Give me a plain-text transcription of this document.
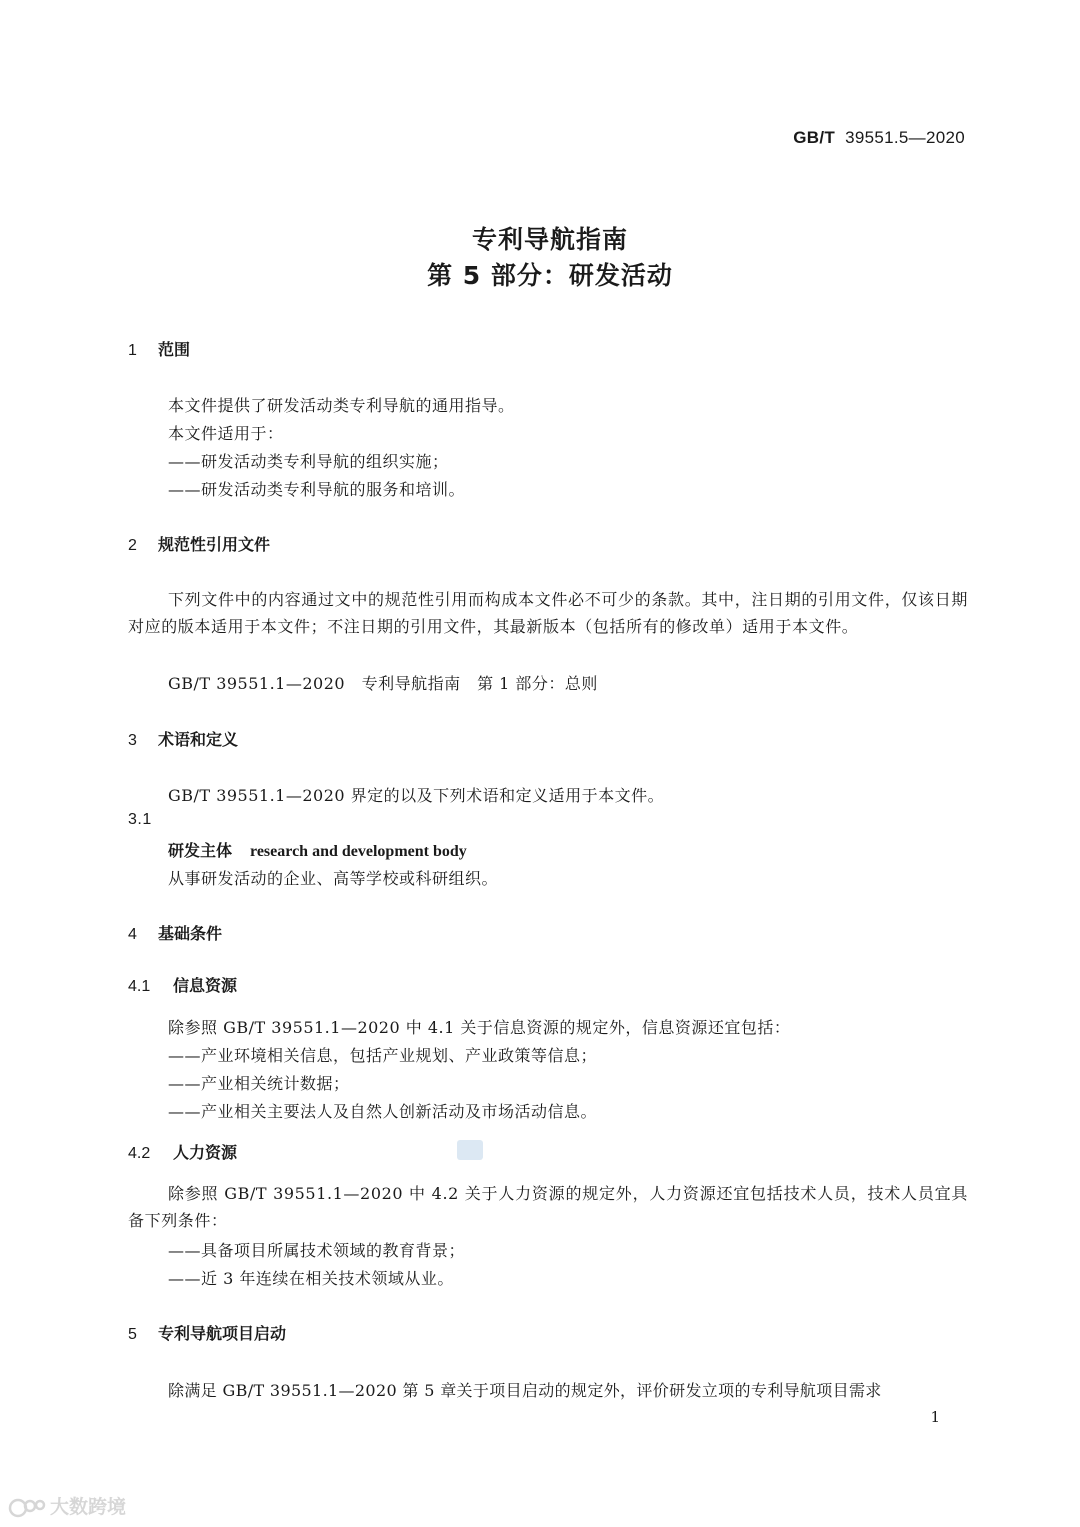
GB/T 39551.5—2020
专利导航指南
第 5 部分：研发活动
1 范围
本文件提供了研发活动类专利导航的通用指导。
本文件适用于：
——研发活动类专利导航的组织实施；
——研发活动类专利导航的服务和培训。
2 规范性引用文件
下列文件中的内容通过文中的规范性引用而构成本文件必不可少的条款。其中，注日期的引用文件，仅该日期对应的版本适用于本文件；不注日期的引用文件，其最新版本（包括所有的修改单）适用于本文件。
GB/T 39551.1—2020　专利导航指南　第 1 部分：总则
3 术语和定义
GB/T 39551.1—2020 界定的以及下列术语和定义适用于本文件。
3.1
研发主体 research and development body
从事研发活动的企业、高等学校或科研组织。
4 基础条件
4.1 信息资源
除参照 GB/T 39551.1—2020 中 4.1 关于信息资源的规定外，信息资源还宜包括：
——产业环境相关信息，包括产业规划、产业政策等信息；
——产业相关统计数据；
——产业相关主要法人及自然人创新活动及市场活动信息。
4.2 人力资源
除参照 GB/T 39551.1—2020 中 4.2 关于人力资源的规定外，人力资源还宜包括技术人员，技术人员宜具备下列条件：
——具备项目所属技术领域的教育背景；
——近 3 年连续在相关技术领域从业。
5 专利导航项目启动
除满足 GB/T 39551.1—2020 第 5 章关于项目启动的规定外，评价研发立项的专利导航项目需求
1
大数跨境
